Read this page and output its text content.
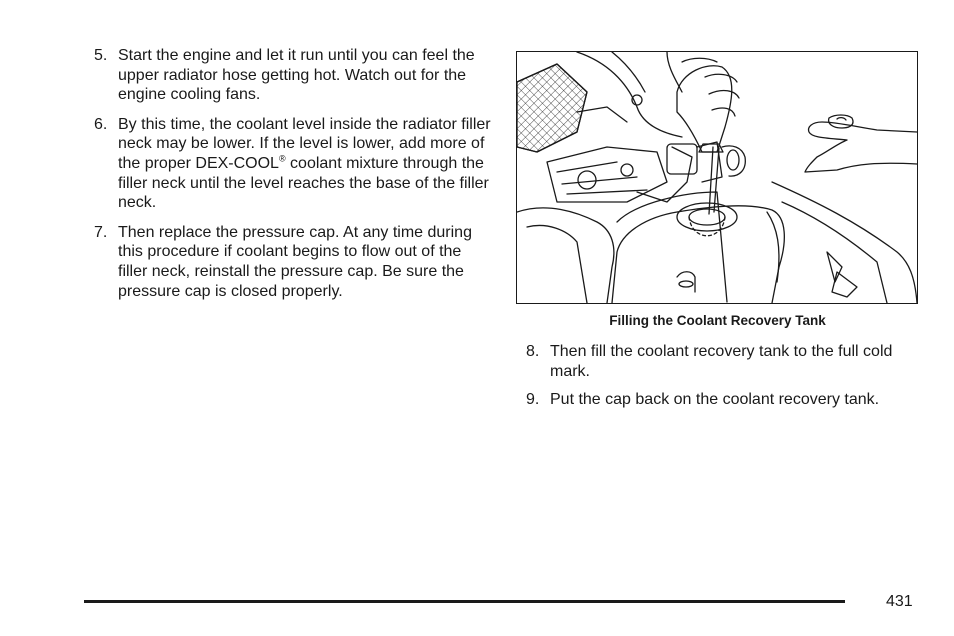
5. Start the engine and let it run until you can feel the upper radiator hose getting hot. Watch out for the engine cooling fans.
6. By this time, the coolant level inside the radiator filler neck may be lower. If the level is lower, add more of the proper DEX-COOL® coolant mixture through the filler neck until the level reaches the base of the filler neck.
7. Then replace the pressure cap. At any time during this procedure if coolant begins to flow out of the filler neck, reinstall the pressure cap. Be sure the pressure cap is closed properly.
Filling the Coolant Recovery Tank
8. Then fill the coolant recovery tank to the full cold mark.
9. Put the cap back on the coolant recovery tank.
431
